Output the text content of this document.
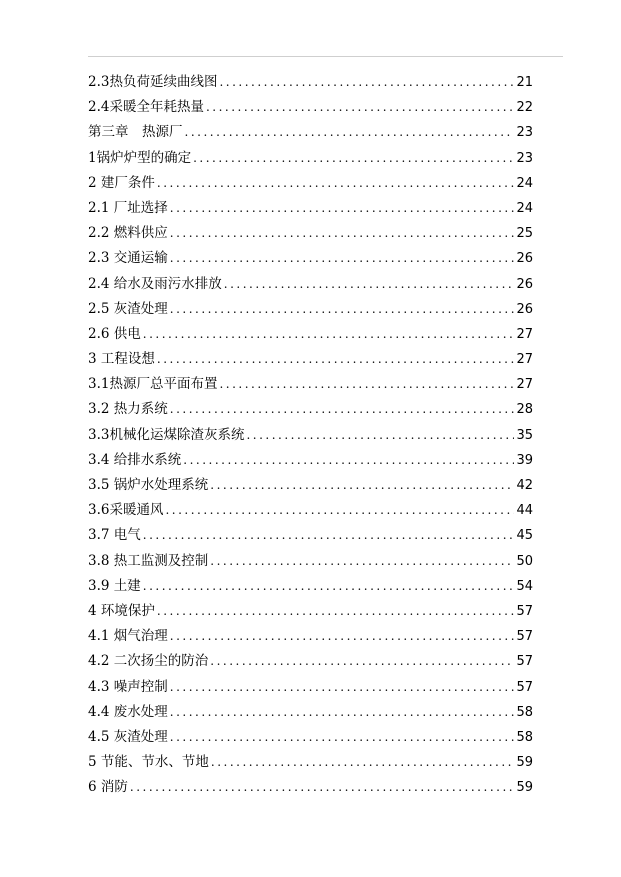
2.3热负荷延续曲线图 .....	21
2.4采暖全年耗热量 .....	22
第三章　热源厂 .....	23
1锅炉炉型的确定 .....	23
2 建厂条件 .....	24
2.1 厂址选择 .....	24
2.2 燃料供应 .....	25
2.3 交通运输 .....	26
2.4 给水及雨污水排放 .....	26
2.5 灰渣处理 .....	26
2.6 供电 .....	27
3 工程设想 .....	27
3.1热源厂总平面布置 .....	27
3.2 热力系统 .....	28
3.3机械化运煤除渣灰系统 .....	35
3.4 给排水系统 .....	39
3.5 锅炉水处理系统 .....	42
3.6采暖通风 .....	44
3.7 电气 .....	45
3.8 热工监测及控制 .....	50
3.9 土建 .....	54
4 环境保护 .....	57
4.1 烟气治理 .....	57
4.2 二次扬尘的防治 .....	57
4.3 噪声控制 .....	57
4.4 废水处理 .....	58
4.5 灰渣处理 .....	58
5 节能、节水、节地 .....	59
6 消防 .....	59
